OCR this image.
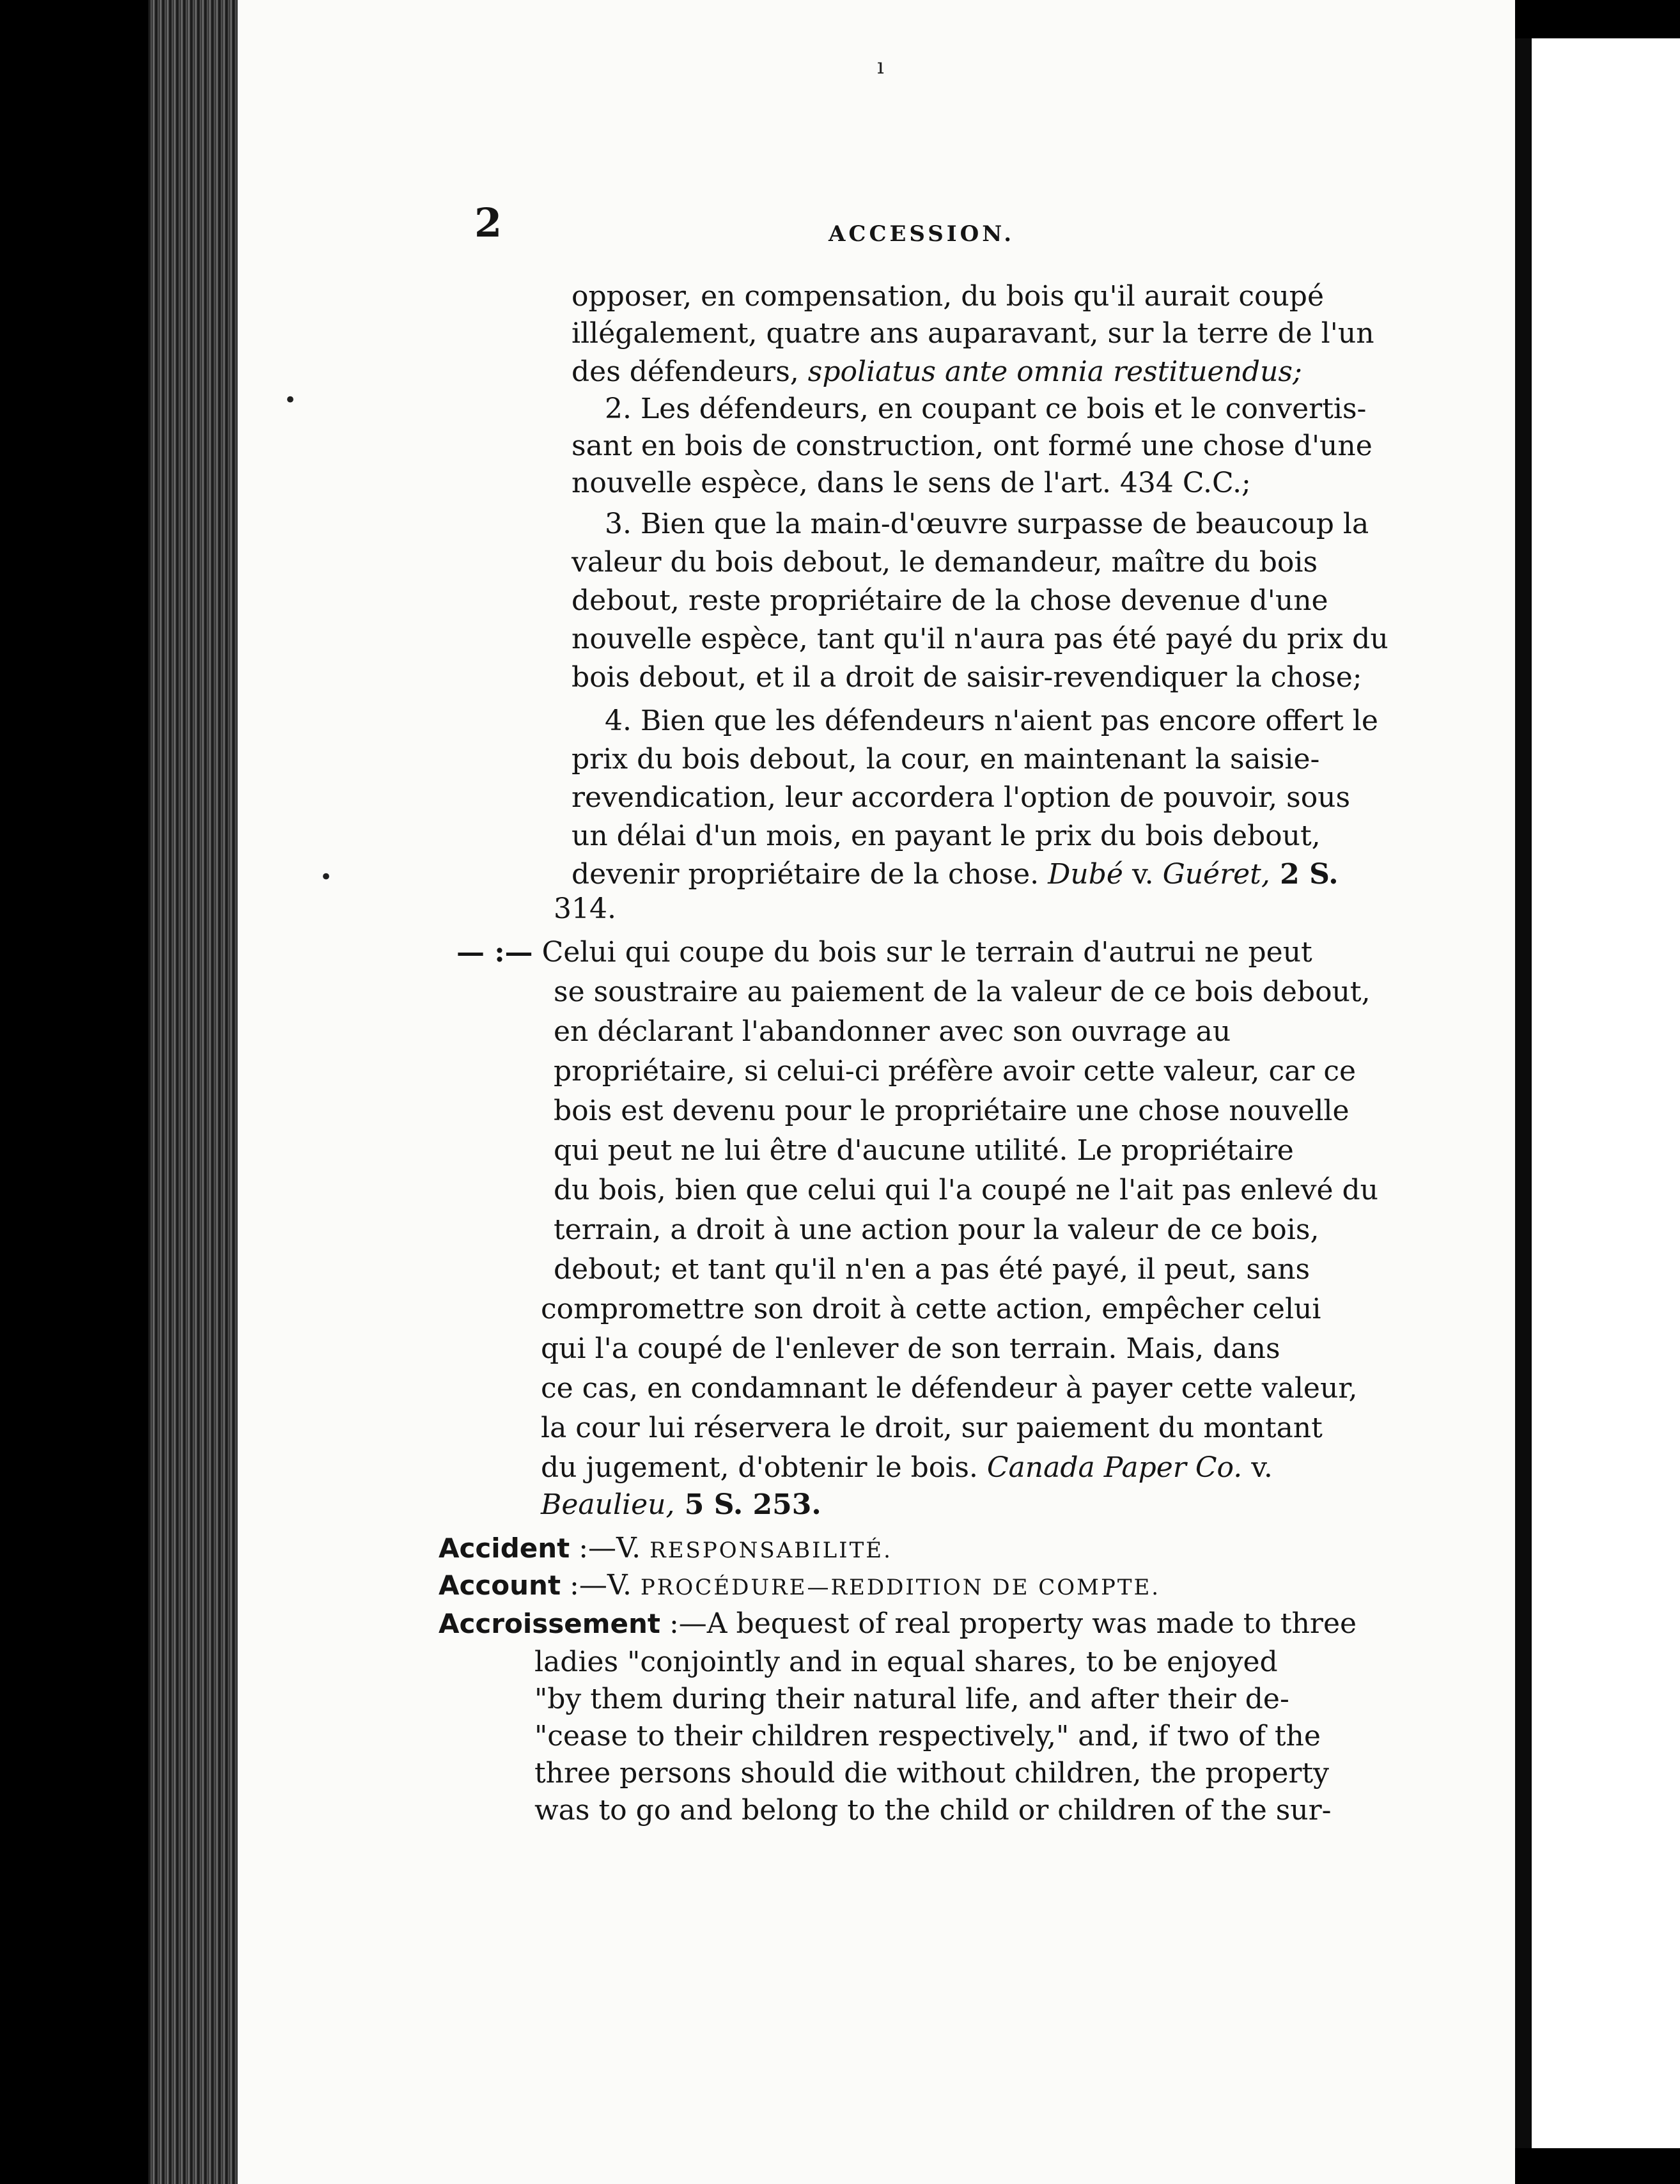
2	ACCESSION.
opposer, en compensation, du bois qu'il aurait coupé
illégalement, quatre ans auparavant, sur la terre de l'un
des défendeurs, spoliatus ante omnia restituendus;
2. Les défendeurs, en coupant ce bois et le convertis-
sant en bois de construction, ont formé une chose d'une
nouvelle espèce, dans le sens de l'art. 434 C.C.;
3. Bien que la main-d'œuvre surpasse de beaucoup la
valeur du bois debout, le demandeur, maître du bois
debout, reste propriétaire de la chose devenue d'une
nouvelle espèce, tant qu'il n'aura pas été payé du prix du
bois debout, et il a droit de saisir-revendiquer la chose;
4. Bien que les défendeurs n'aient pas encore offert le
prix du bois debout, la cour, en maintenant la saisie-
revendication, leur accordera l'option de pouvoir, sous
un délai d'un mois, en payant le prix du bois debout,
devenir propriétaire de la chose. Dubé v. Guéret, 2 S.
314.
— :— Celui qui coupe du bois sur le terrain d'autrui ne peut
se soustraire au paiement de la valeur de ce bois debout,
en déclarant l'abandonner avec son ouvrage au
propriétaire, si celui-ci préfère avoir cette valeur, car ce
bois est devenu pour le propriétaire une chose nouvelle
qui peut ne lui être d'aucune utilité. Le propriétaire
du bois, bien que celui qui l'a coupé ne l'ait pas enlevé du
terrain, a droit à une action pour la valeur de ce bois,
debout; et tant qu'il n'en a pas été payé, il peut, sans
compromettre son droit à cette action, empêcher celui
qui l'a coupé de l'enlever de son terrain. Mais, dans
ce cas, en condamnant le défendeur à payer cette valeur,
la cour lui réservera le droit, sur paiement du montant
du jugement, d'obtenir le bois. Canada Paper Co. v.
Beaulieu, 5 S. 253.
Accident :—V. RESPONSABILITÉ.
Account :—V. PROCÉDURE—REDDITION DE COMPTE.
Accroissement :—A bequest of real property was made to three
ladies "conjointly and in equal shares, to be enjoyed
"by them during their natural life, and after their de-
"cease to their children respectively," and, if two of the
three persons should die without children, the property
was to go and belong to the child or children of the sur-
ı
•
•
